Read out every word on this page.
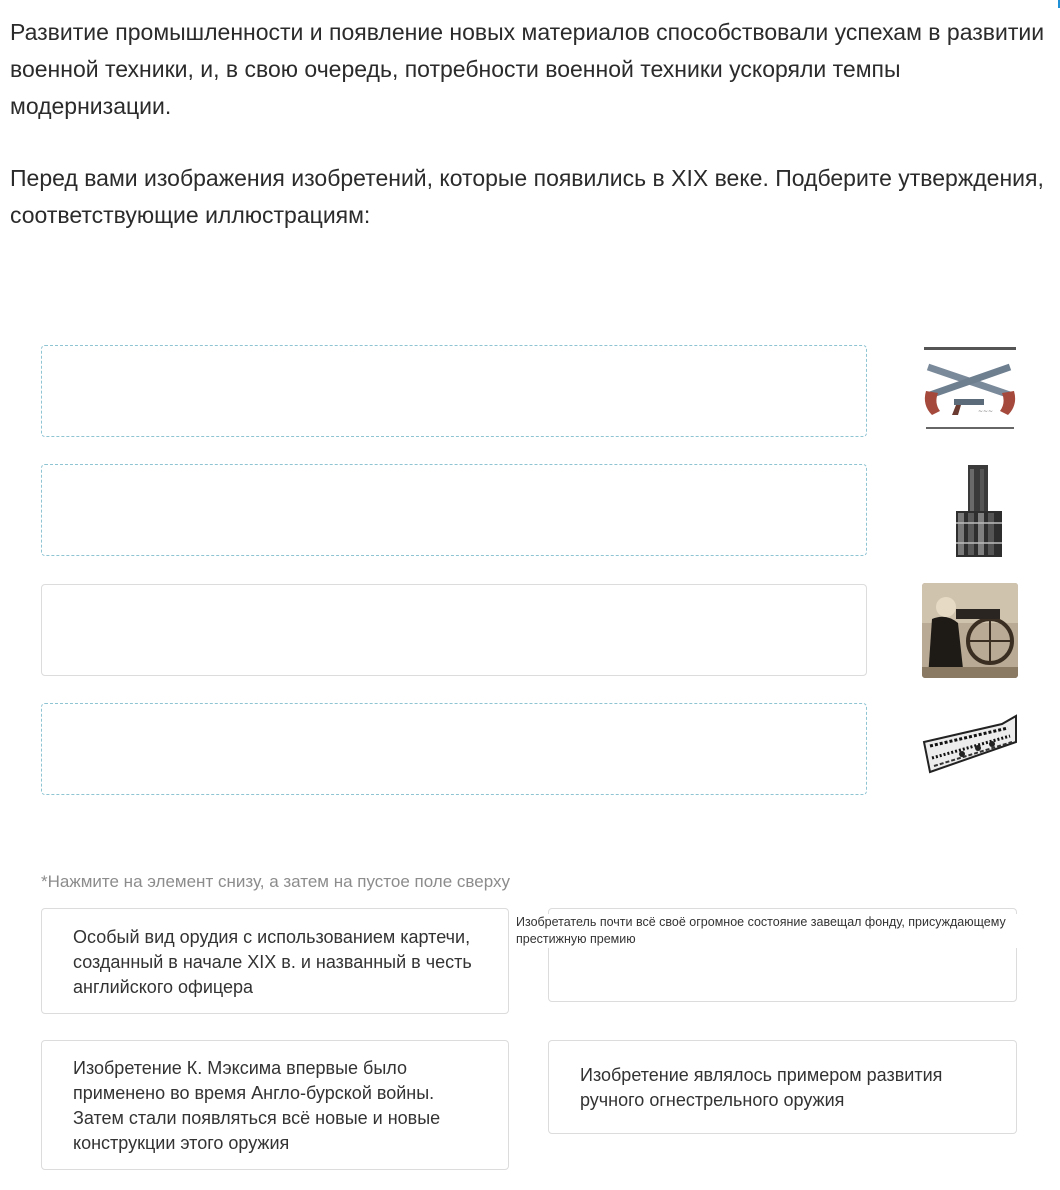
Развитие промышленности и появление новых материалов способствовали успехам в развитии военной техники, и, в свою очередь, потребности военной техники ускоряли темпы модернизации.

Перед вами изображения изобретений, которые появились в XIX веке. Подберите утверждения, соответствующие иллюстрациям:

~~~
*Нажмите на элемент снизу, а затем на пустое поле сверху
Особый вид орудия с использованием картечи, созданный в начале XIX в. и названный в честь английского офицера
Изобретатель почти всё своё огромное состояние завещал фонду, присуждающему престижную премию
Изобретение К. Мэксима впервые было применено во время Англо-бурской войны. Затем стали появляться всё новые и новые конструкции этого оружия
Изобретение являлось примером развития ручного огнестрельного оружия
